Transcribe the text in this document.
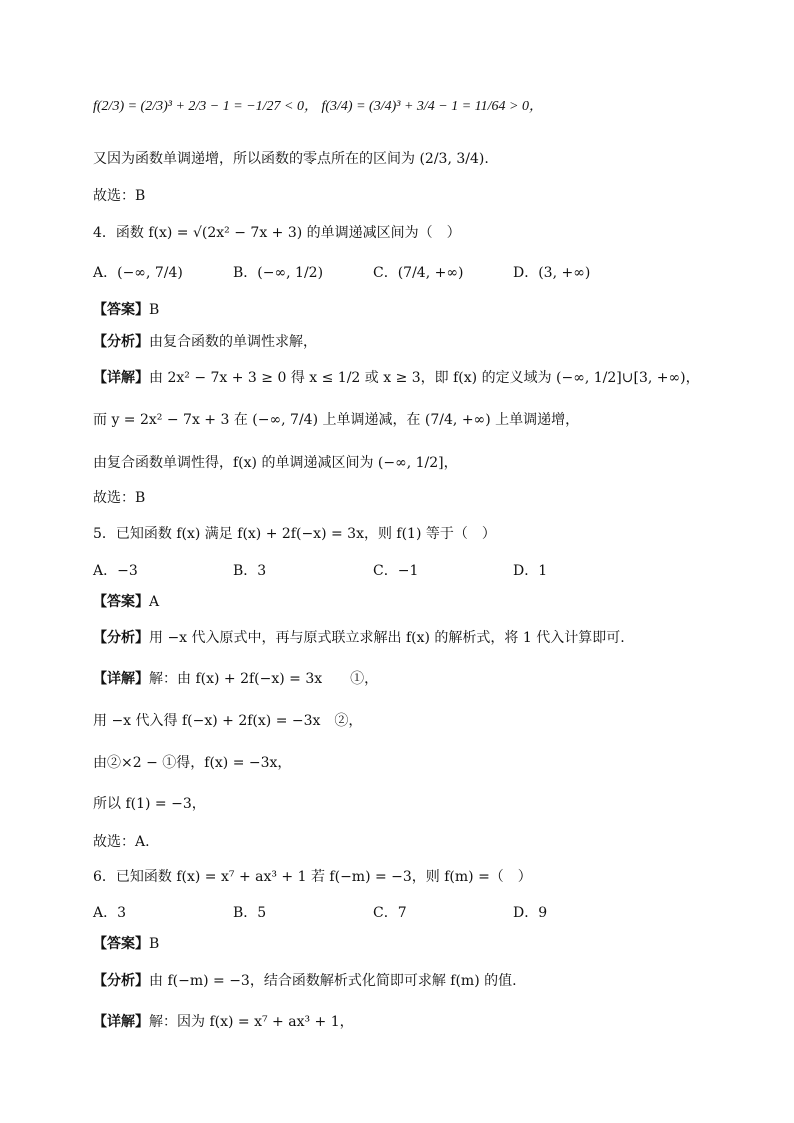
f(2/3) = (2/3)³ + 2/3 − 1 = −1/27 < 0， f(3/4) = (3/4)³ + 3/4 − 1 = 11/64 > 0，
又因为函数单调递增，所以函数的零点所在的区间为 (2/3, 3/4).
故选：B
4．函数 f(x) = √(2x² − 7x + 3) 的单调递减区间为（　）
A．(−∞, 7/4)	B．(−∞, 1/2)	C．(7/4, +∞)	D．(3, +∞)
【答案】B
【分析】由复合函数的单调性求解，
【详解】由 2x² − 7x + 3 ≥ 0 得 x ≤ 1/2 或 x ≥ 3，即 f(x) 的定义域为 (−∞, 1/2]∪[3, +∞)，
而 y = 2x² − 7x + 3 在 (−∞, 7/4) 上单调递减，在 (7/4, +∞) 上单调递增，
由复合函数单调性得，f(x) 的单调递减区间为 (−∞, 1/2]，
故选：B
5．已知函数 f(x) 满足 f(x) + 2f(−x) = 3x，则 f(1) 等于（　）
A．−3	B．3	C．−1	D．1
【答案】A
【分析】用 −x 代入原式中，再与原式联立求解出 f(x) 的解析式，将 1 代入计算即可.
【详解】解：由 f(x) + 2f(−x) = 3x　　①，
用 −x 代入得 f(−x) + 2f(x) = −3x　②，
由②×2 − ①得，f(x) = −3x，
所以 f(1) = −3，
故选：A.
6．已知函数 f(x) = x⁷ + ax³ + 1 若 f(−m) = −3，则 f(m) =（　）
A．3	B．5	C．7	D．9
【答案】B
【分析】由 f(−m) = −3，结合函数解析式化简即可求解 f(m) 的值.
【详解】解：因为 f(x) = x⁷ + ax³ + 1，
